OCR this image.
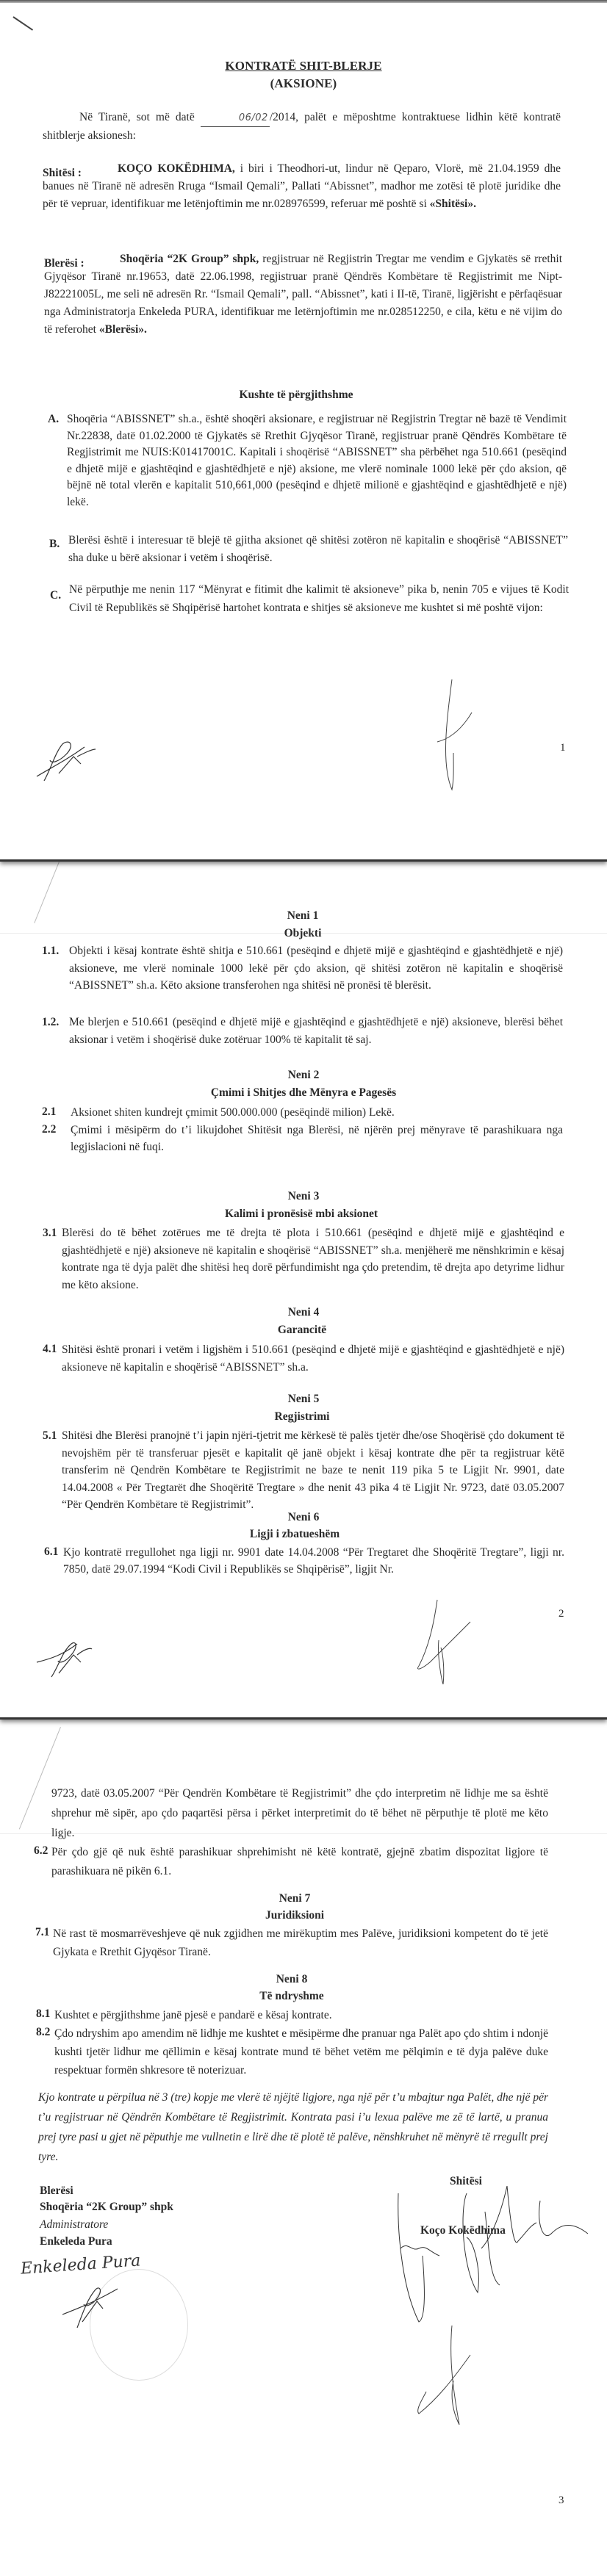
KONTRATË SHIT-BLERJE
(AKSIONE)
Në Tiranë, sot më datë	06/02 /2014, palët e mëposhtme kontraktuese lidhin këtë kontratë shitblerje aksionesh:
Shitësi :	KOÇO KOKËDHIMA, i biri i Theodhori-ut, lindur në Qeparo, Vlorë, më 21.04.1959 dhe banues në Tiranë në adresën Rruga “Ismail Qemali”, Pallati “Abissnet”, madhor me zotësi të plotë juridike dhe për të vepruar, identifikuar me letënjoftimin me nr.028976599, referuar më poshtë si «Shitësi».
Blerësi :	Shoqëria “2K Group” shpk, regjistruar në Regjistrin Tregtar me vendim e Gjykatës së rrethit Gjyqësor Tiranë nr.19653, datë 22.06.1998, regjistruar pranë Qëndrës Kombëtare të Regjistrimit me Nipt- J82221005L, me seli në adresën Rr. “Ismail Qemali”, pall. “Abissnet”, kati i II-të, Tiranë, ligjërisht e përfaqësuar nga Administratorja Enkeleda PURA, identifikuar me letërnjoftimin me nr.028512250, e cila, këtu e në vijim do të referohet «Blerësi».
Kushte të përgjithshme
A. Shoqëria “ABISSNET” sh.a., është shoqëri aksionare, e regjistruar në Regjistrin Tregtar në bazë të Vendimit Nr.22838, datë 01.02.2000 të Gjykatës së Rrethit Gjyqësor Tiranë, regjistruar pranë Qëndrës Kombëtare të Regjistrimit me NUIS:K01417001C. Kapitali i shoqërisë “ABISSNET” sha përbëhet nga 510.661 (pesëqind e dhjetë mijë e gjashtëqind e gjashtëdhjetë e një) aksione, me vlerë nominale 1000 lekë për çdo aksion, që bëjnë në total vlerën e kapitalit 510,661,000 (pesëqind e dhjetë milionë e gjashtëqind e gjashtëdhjetë e një) lekë.
B. Blerësi është i interesuar të blejë të gjitha aksionet që shitësi zotëron në kapitalin e shoqërisë “ABISSNET” sha duke u bërë aksionar i vetëm i shoqërisë.
C. Në përputhje me nenin 117 “Mënyrat e fitimit dhe kalimit të aksioneve” pika b, nenin 705 e vijues të Kodit Civil të Republikës së Shqipërisë hartohet kontrata e shitjes së aksioneve me kushtet si më poshtë vijon:
1
Neni 1
Objekti
1.1. Objekti i kësaj kontrate është shitja e 510.661 (pesëqind e dhjetë mijë e gjashtëqind e gjashtëdhjetë e një) aksioneve, me vlerë nominale 1000 lekë për çdo aksion, që shitësi zotëron në kapitalin e shoqërisë “ABISSNET” sh.a. Këto aksione transferohen nga shitësi në pronësi të blerësit.
1.2. Me blerjen e 510.661 (pesëqind e dhjetë mijë e gjashtëqind e gjashtëdhjetë e një) aksioneve, blerësi bëhet aksionar i vetëm i shoqërisë duke zotëruar 100% të kapitalit të saj.
Neni 2
Çmimi i Shitjes dhe Mënyra e Pagesës
2.1 Aksionet shiten kundrejt çmimit 500.000.000 (pesëqindë milion) Lekë.
2.2 Çmimi i mësipërm do t’i likujdohet Shitësit nga Blerësi, në njërën prej mënyrave të parashikuara nga legjislacioni në fuqi.
Neni 3
Kalimi i pronësisë mbi aksionet
3.1 Blerësi do të bëhet zotërues me të drejta të plota i 510.661 (pesëqind e dhjetë mijë e gjashtëqind e gjashtëdhjetë e një) aksioneve në kapitalin e shoqërisë “ABISSNET” sh.a. menjëherë me nënshkrimin e kësaj kontrate nga të dyja palët dhe shitësi heq dorë përfundimisht nga çdo pretendim, të drejta apo detyrime lidhur me këto aksione.
Neni 4
Garancitë
4.1 Shitësi është pronari i vetëm i ligjshëm i 510.661 (pesëqind e dhjetë mijë e gjashtëqind e gjashtëdhjetë e një) aksioneve në kapitalin e shoqërisë “ABISSNET” sh.a.
Neni 5
Regjistrimi
5.1 Shitësi dhe Blerësi pranojnë t’i japin njëri-tjetrit me kërkesë të palës tjetër dhe/ose Shoqërisë çdo dokument të nevojshëm për të transferuar pjesët e kapitalit që janë objekt i kësaj kontrate dhe për ta regjistruar këtë transferim në Qendrën Kombëtare te Regjistrimit ne baze te nenit 119 pika 5 te Ligjit Nr. 9901, date 14.04.2008 « Për Tregtarët dhe Shoqëritë Tregtare » dhe nenit 43 pika 4 të Ligjit Nr. 9723, datë 03.05.2007 “Për Qendrën Kombëtare të Regjistrimit”.
Neni 6
Ligji i zbatueshëm
6.1 Kjo kontratë rregullohet nga ligji nr. 9901 date 14.04.2008 “Për Tregtaret dhe Shoqëritë Tregtare”, ligji nr. 7850, datë 29.07.1994 “Kodi Civil i Republikës se Shqipërisë”, ligjit Nr.
2
9723, datë 03.05.2007 “Për Qendrën Kombëtare të Regjistrimit” dhe çdo interpretim në lidhje me sa është shprehur më sipër, apo çdo paqartësi përsa i përket interpretimit do të bëhet në përputhje të plotë me këto ligje.
6.2 Për çdo gjë që nuk është parashikuar shprehimisht në këtë kontratë, gjejnë zbatim dispozitat ligjore të parashikuara në pikën 6.1.
Neni 7
Juridiksioni
7.1 Në rast të mosmarrëveshjeve që nuk zgjidhen me mirëkuptim mes Palëve, juridiksioni kompetent do të jetë Gjykata e Rrethit Gjyqësor Tiranë.
Neni 8
Të ndryshme
8.1 Kushtet e përgjithshme janë pjesë e pandarë e kësaj kontrate.
8.2 Çdo ndryshim apo amendim në lidhje me kushtet e mësipërme dhe pranuar nga Palët apo çdo shtim i ndonjë kushti tjetër lidhur me qëllimin e kësaj kontrate mund të bëhet vetëm me pëlqimin e të dyja palëve duke respektuar formën shkresore të noterizuar.
Kjo kontrate u përpilua në 3 (tre) kopje me vlerë të njëjtë ligjore, nga një për t’u mbajtur nga Palët, dhe një për t’u regjistruar në Qëndrën Kombëtare të Regjistrimit. Kontrata pasi i’u lexua palëve me zë të lartë, u pranua prej tyre pasi u gjet në pëputhje me vullnetin e lirë dhe të plotë të palëve, nënshkruhet në mënyrë të rregullt prej tyre.
Blerësi
Shoqëria “2K Group” shpk
Administratore
Enkeleda Pura
Enkeleda Pura
Shitësi
Koço Kokëdhima
3
